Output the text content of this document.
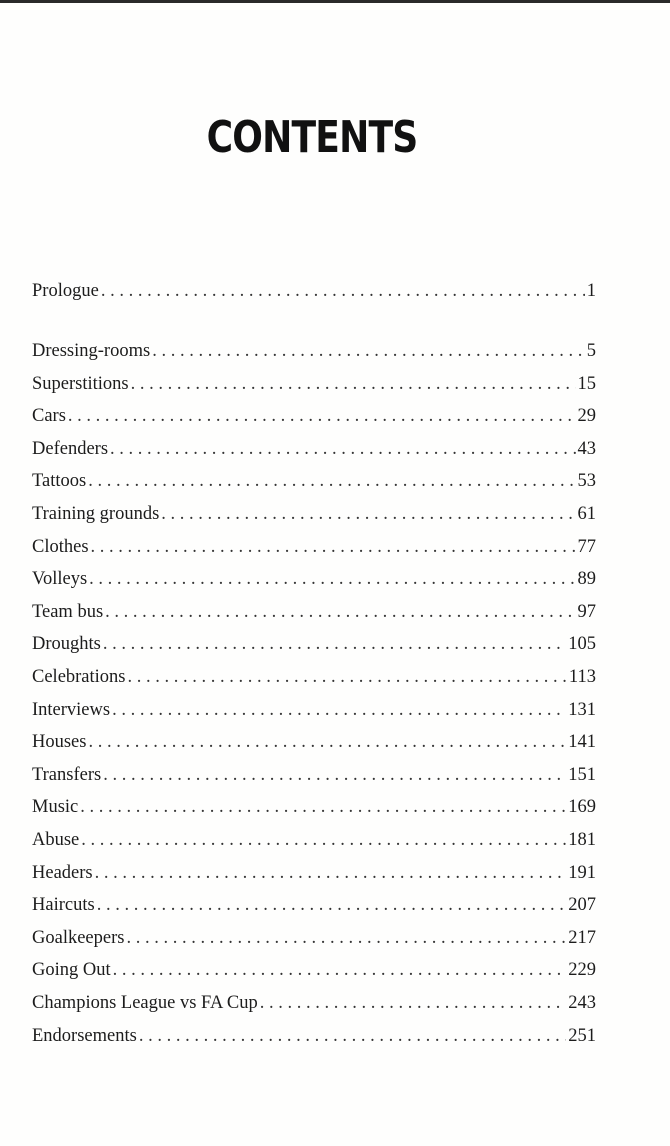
CONTENTS
Prologue . . .	1
Dressing-rooms . . .	5
Superstitions . . .	15
Cars . . .	29
Defenders . . .	43
Tattoos . . .	53
Training grounds . . .	61
Clothes . . .	77
Volleys . . .	89
Team bus . . .	97
Droughts . . .	105
Celebrations . . .	113
Interviews . . .	131
Houses . . .	141
Transfers . . .	151
Music . . .	169
Abuse . . .	181
Headers . . .	191
Haircuts . . .	207
Goalkeepers . . .	217
Going Out . . .	229
Champions League vs FA Cup . . .	243
Endorsements . . .	251
